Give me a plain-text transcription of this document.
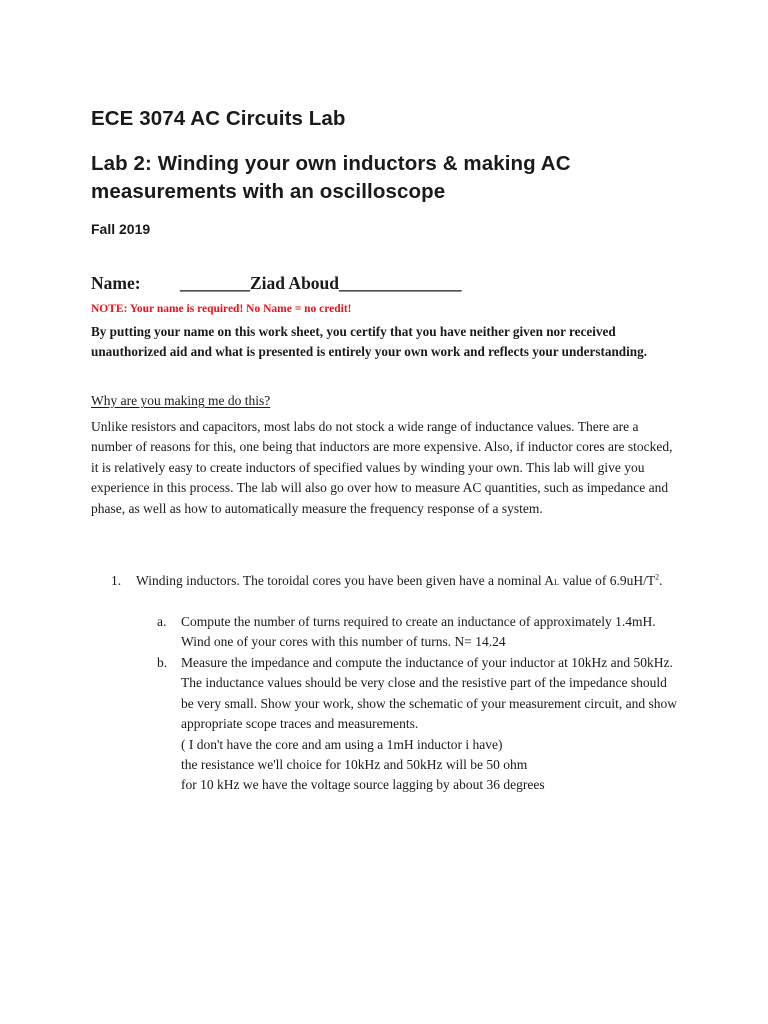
ECE 3074 AC Circuits Lab
Lab 2: Winding your own inductors & making AC measurements with an oscilloscope
Fall 2019
Name: ________Ziad Aboud______________
NOTE: Your name is required! No Name = no credit!
By putting your name on this work sheet, you certify that you have neither given nor received unauthorized aid and what is presented is entirely your own work and reflects your understanding.
Why are you making me do this?
Unlike resistors and capacitors, most labs do not stock a wide range of inductance values. There are a number of reasons for this, one being that inductors are more expensive. Also, if inductor cores are stocked, it is relatively easy to create inductors of specified values by winding your own. This lab will give you experience in this process. The lab will also go over how to measure AC quantities, such as impedance and phase, as well as how to automatically measure the frequency response of a system.
1. Winding inductors. The toroidal cores you have been given have a nominal AL value of $6.9uH/T^2$.
a. Compute the number of turns required to create an inductance of approximately 1.4mH. Wind one of your cores with this number of turns. N= 14.24
b. Measure the impedance and compute the inductance of your inductor at 10kHz and 50kHz. The inductance values should be very close and the resistive part of the impedance should be very small. Show your work, show the schematic of your measurement circuit, and show appropriate scope traces and measurements.
( I don't have the core and am using a 1mH inductor i have)
the resistance we'll choice for 10kHz and 50kHz will be 50 ohm
for 10 kHz we have the voltage source lagging by about 36 degrees
